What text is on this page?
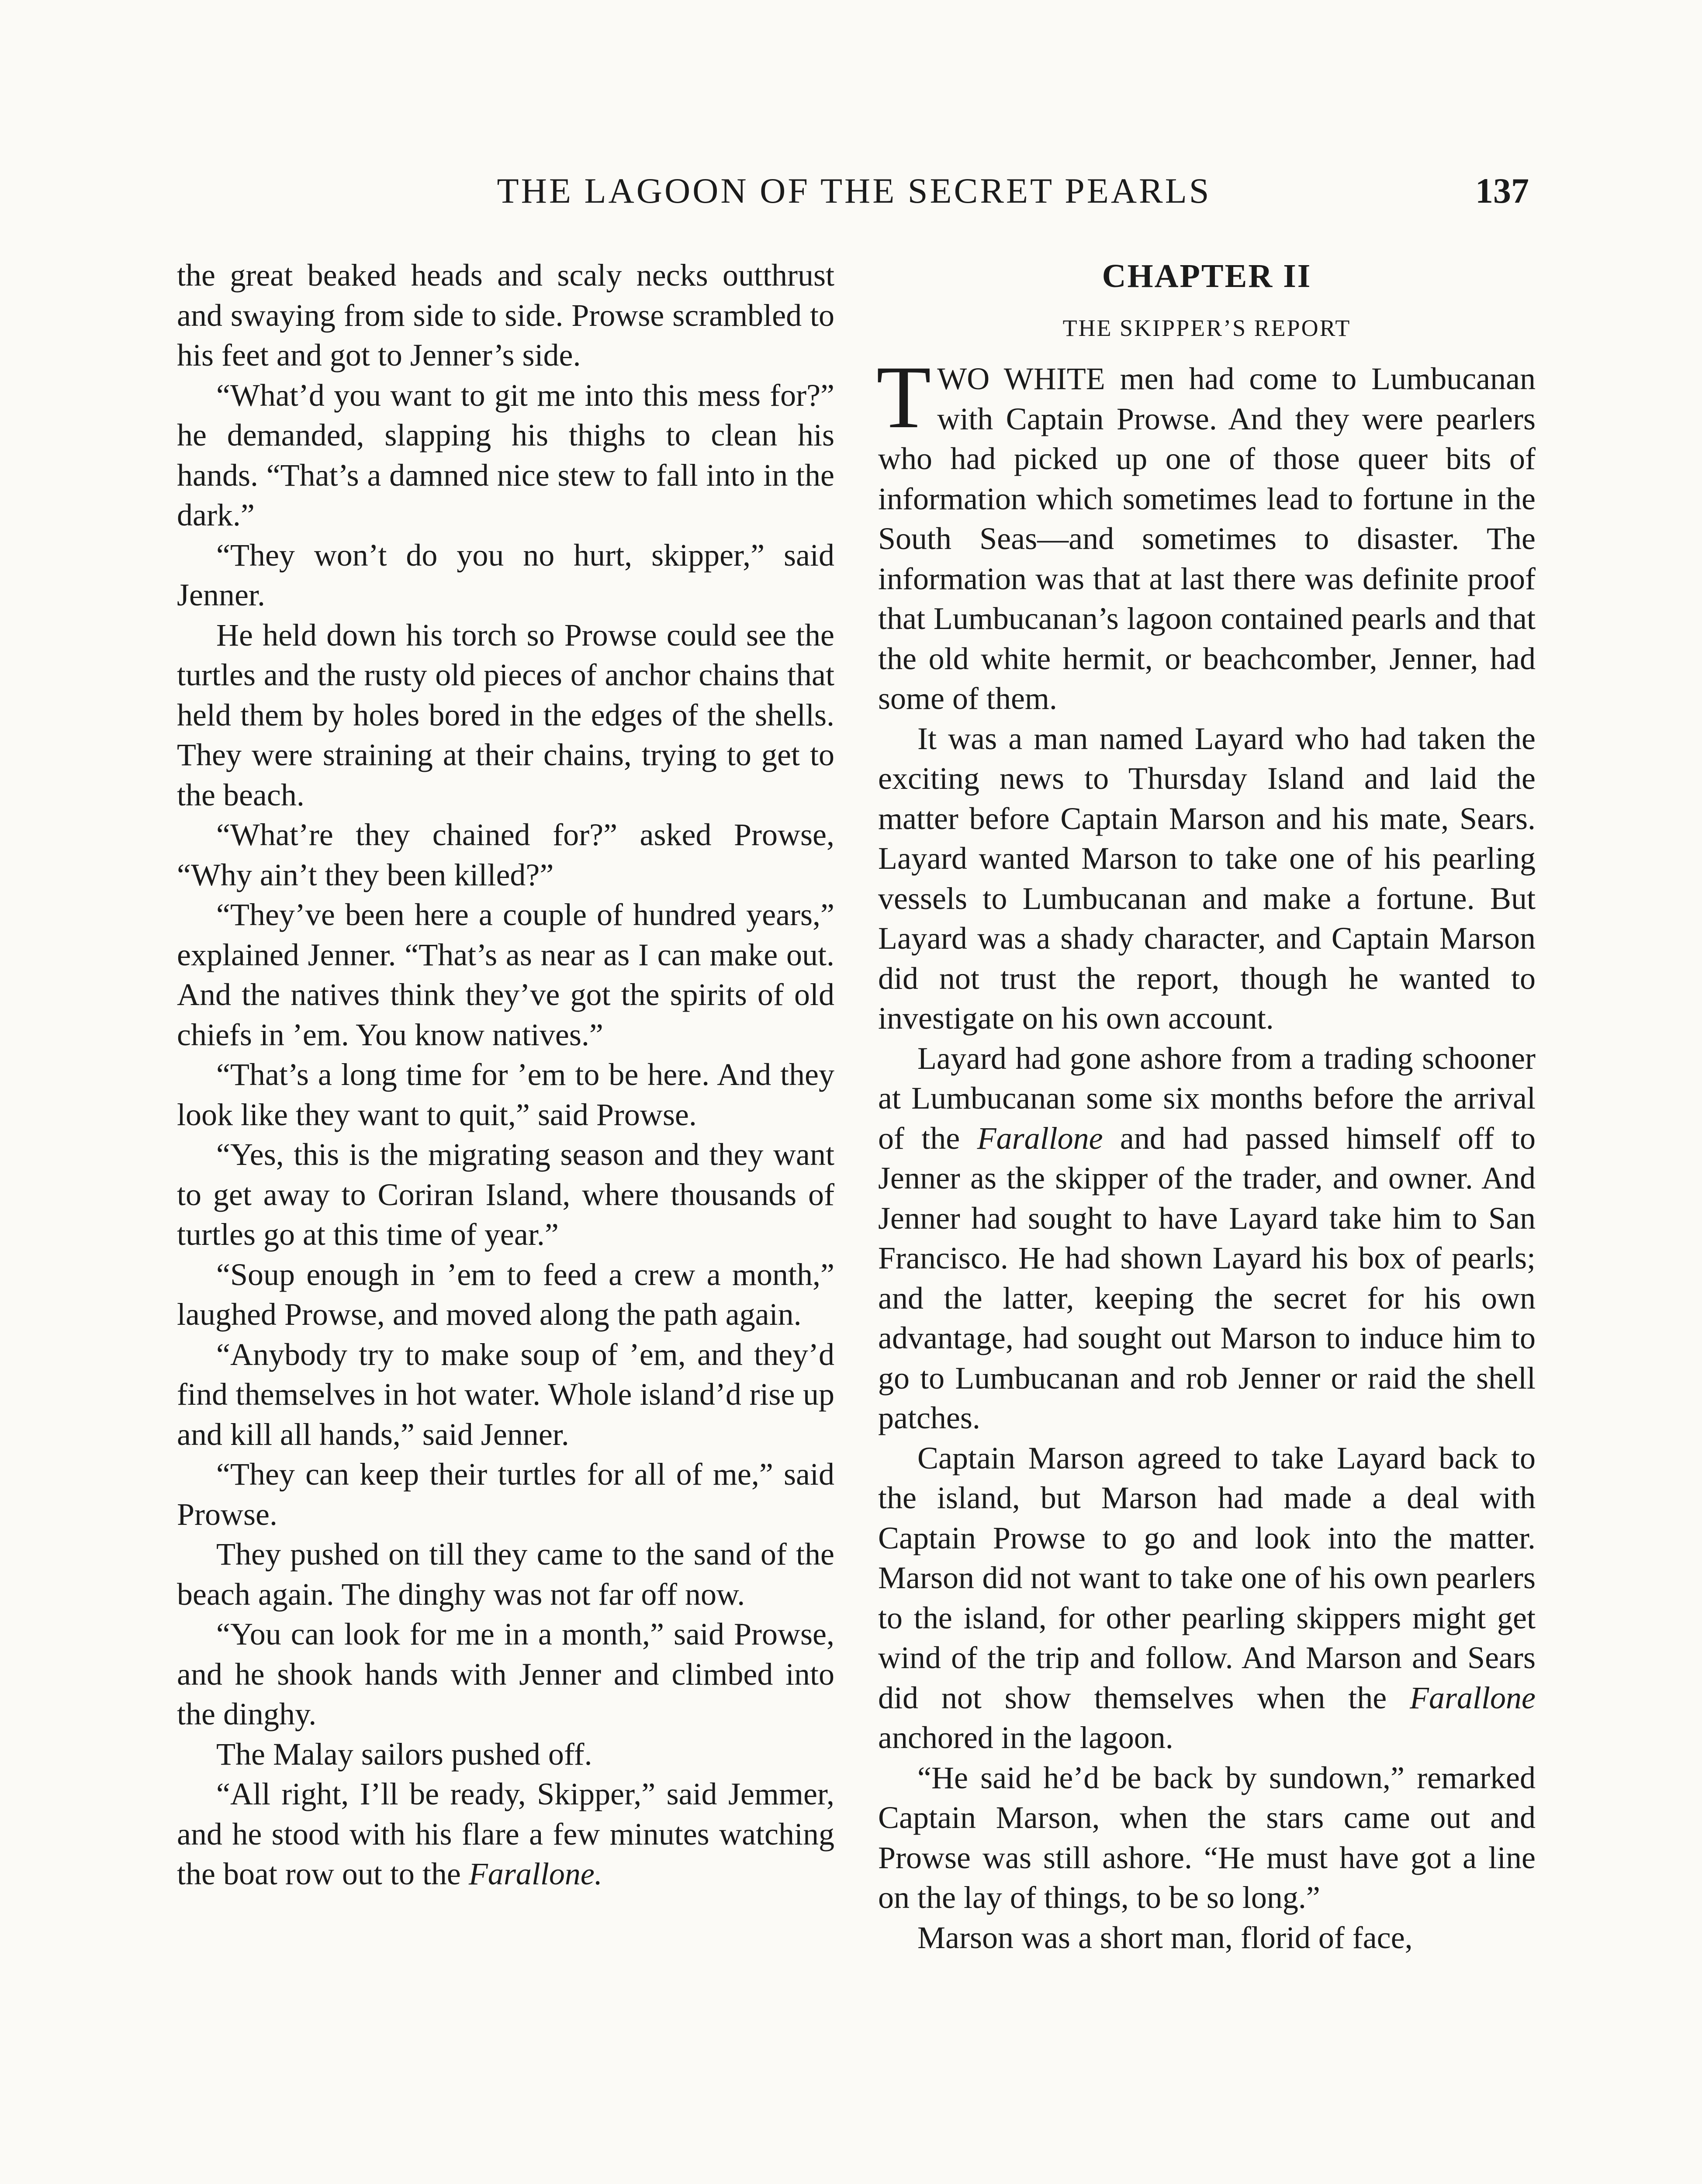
THE LAGOON OF THE SECRET PEARLS	137

the great beaked heads and scaly necks outthrust and swaying from side to side. Prowse scrambled to his feet and got to Jenner’s side.

“What’d you want to git me into this mess for?” he demanded, slapping his thighs to clean his hands. “That’s a damned nice stew to fall into in the dark.”

“They won’t do you no hurt, skipper,” said Jenner.

He held down his torch so Prowse could see the turtles and the rusty old pieces of anchor chains that held them by holes bored in the edges of the shells. They were straining at their chains, trying to get to the beach.

“What’re they chained for?” asked Prowse, “Why ain’t they been killed?”

“They’ve been here a couple of hundred years,” explained Jenner. “That’s as near as I can make out. And the natives think they’ve got the spirits of old chiefs in ’em. You know natives.”

“That’s a long time for ’em to be here. And they look like they want to quit,” said Prowse.

“Yes, this is the migrating season and they want to get away to Coriran Island, where thousands of turtles go at this time of year.”

“Soup enough in ’em to feed a crew a month,” laughed Prowse, and moved along the path again.

“Anybody try to make soup of ’em, and they’d find themselves in hot water. Whole island’d rise up and kill all hands,” said Jenner.

“They can keep their turtles for all of me,” said Prowse.

They pushed on till they came to the sand of the beach again. The dinghy was not far off now.

“You can look for me in a month,” said Prowse, and he shook hands with Jenner and climbed into the dinghy.

The Malay sailors pushed off.

“All right, I’ll be ready, Skipper,” said Jemmer, and he stood with his flare a few minutes watching the boat row out to the Farallone.

CHAPTER II
THE SKIPPER’S REPORT

TWO WHITE men had come to Lumbucanan with Captain Prowse. And they were pearlers who had picked up one of those queer bits of information which sometimes lead to fortune in the South Seas—and sometimes to disaster. The information was that at last there was definite proof that Lumbucanan’s lagoon contained pearls and that the old white hermit, or beachcomber, Jenner, had some of them.

It was a man named Layard who had taken the exciting news to Thursday Island and laid the matter before Captain Marson and his mate, Sears. Layard wanted Marson to take one of his pearling vessels to Lumbucanan and make a fortune. But Layard was a shady character, and Captain Marson did not trust the report, though he wanted to investigate on his own account.

Layard had gone ashore from a trading schooner at Lumbucanan some six months before the arrival of the Farallone and had passed himself off to Jenner as the skipper of the trader, and owner. And Jenner had sought to have Layard take him to San Francisco. He had shown Layard his box of pearls; and the latter, keeping the secret for his own advantage, had sought out Marson to induce him to go to Lumbucanan and rob Jenner or raid the shell patches.

Captain Marson agreed to take Layard back to the island, but Marson had made a deal with Captain Prowse to go and look into the matter. Marson did not want to take one of his own pearlers to the island, for other pearling skippers might get wind of the trip and follow. And Marson and Sears did not show themselves when the Farallone anchored in the lagoon.

“He said he’d be back by sundown,” remarked Captain Marson, when the stars came out and Prowse was still ashore. “He must have got a line on the lay of things, to be so long.”

Marson was a short man, florid of face,
